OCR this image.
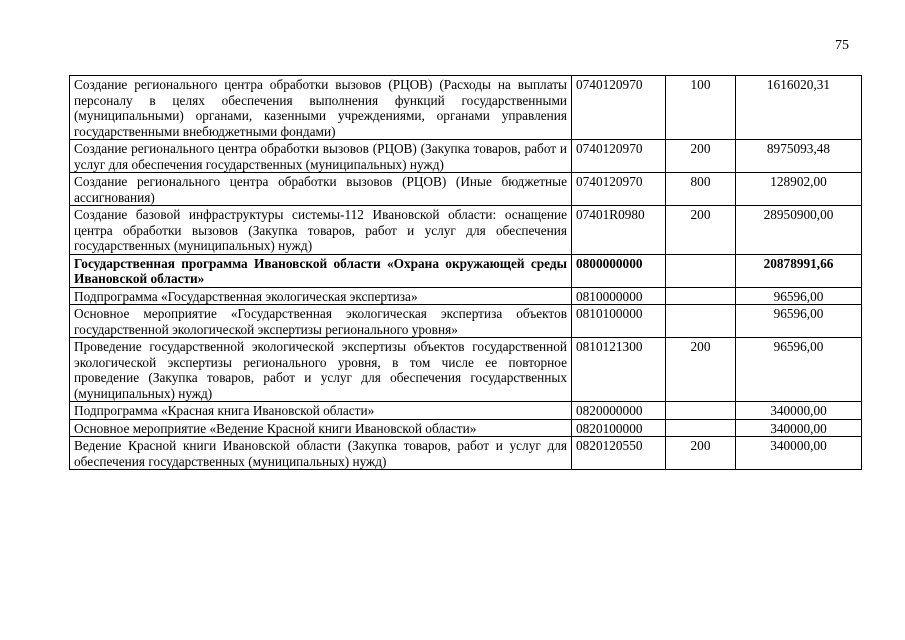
75
Создание регионального центра обработки вызовов (РЦОВ) (Расходы на выплаты персоналу в целях обеспечения выполнения функций государственными (муниципальными) органами, казенными учреждениями, органами управления государственными внебюджетными фондами)	0740120970	100	1616020,31
Создание регионального центра обработки вызовов (РЦОВ) (Закупка товаров, работ и услуг для обеспечения государственных (муниципальных) нужд)	0740120970	200	8975093,48
Создание регионального центра обработки вызовов (РЦОВ) (Иные бюджетные ассигнования)	0740120970	800	128902,00
Создание базовой инфраструктуры системы-112 Ивановской области: оснащение центра обработки вызовов (Закупка товаров, работ и услуг для обеспечения государственных (муниципальных) нужд)	07401R0980	200	28950900,00
Государственная программа Ивановской области «Охрана окружающей среды Ивановской области»	0800000000		20878991,66
Подпрограмма «Государственная экологическая экспертиза»	0810000000		96596,00
Основное мероприятие «Государственная экологическая экспертиза объектов государственной экологической экспертизы регионального уровня»	0810100000		96596,00
Проведение государственной экологической экспертизы объектов государственной экологической экспертизы регионального уровня, в том числе ее повторное проведение (Закупка товаров, работ и услуг для обеспечения государственных (муниципальных) нужд)	0810121300	200	96596,00
Подпрограмма «Красная книга Ивановской области»	0820000000		340000,00
Основное мероприятие «Ведение Красной книги Ивановской области»	0820100000		340000,00
Ведение Красной книги Ивановской области (Закупка товаров, работ и услуг для обеспечения государственных (муниципальных) нужд)	0820120550	200	340000,00
